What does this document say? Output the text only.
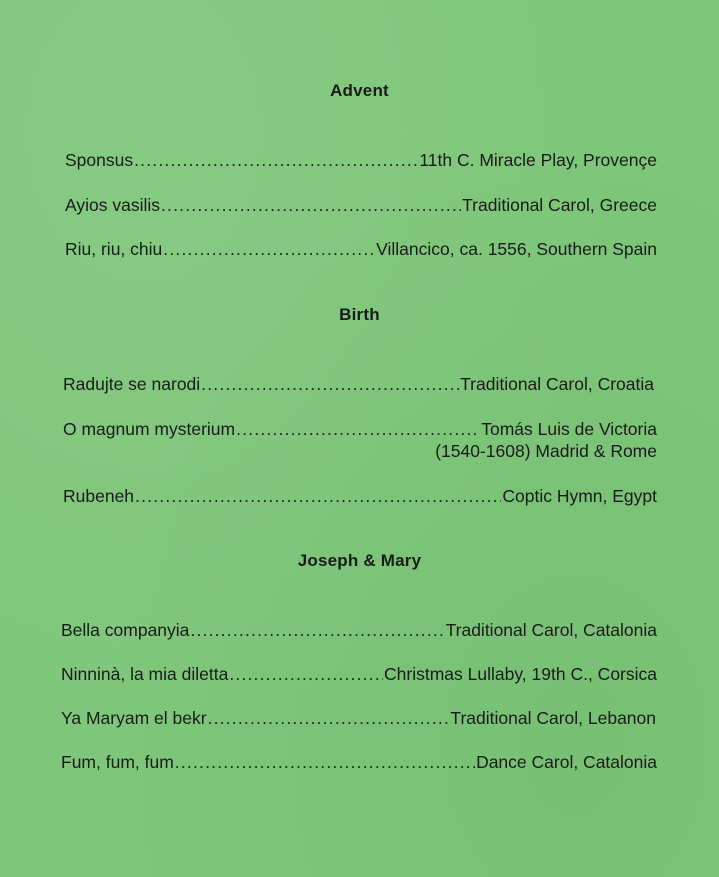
Advent
Sponsus .....	11th C. Miracle Play, Provençe
Ayios vasilis .....	Traditional Carol, Greece
Riu, riu, chiu .....	Villancico, ca. 1556, Southern Spain
Birth
Radujte se narodi .....	Traditional Carol, Croatia
O magnum mysterium .....	Tomás Luis de Victoria
(1540-1608) Madrid & Rome
Rubeneh .....	Coptic Hymn, Egypt
Joseph & Mary
Bella companyia .....	Traditional Carol, Catalonia
Ninninà, la mia diletta .....	Christmas Lullaby, 19th C., Corsica
Ya Maryam el bekr .....	Traditional Carol, Lebanon
Fum, fum, fum .....	Dance Carol, Catalonia
